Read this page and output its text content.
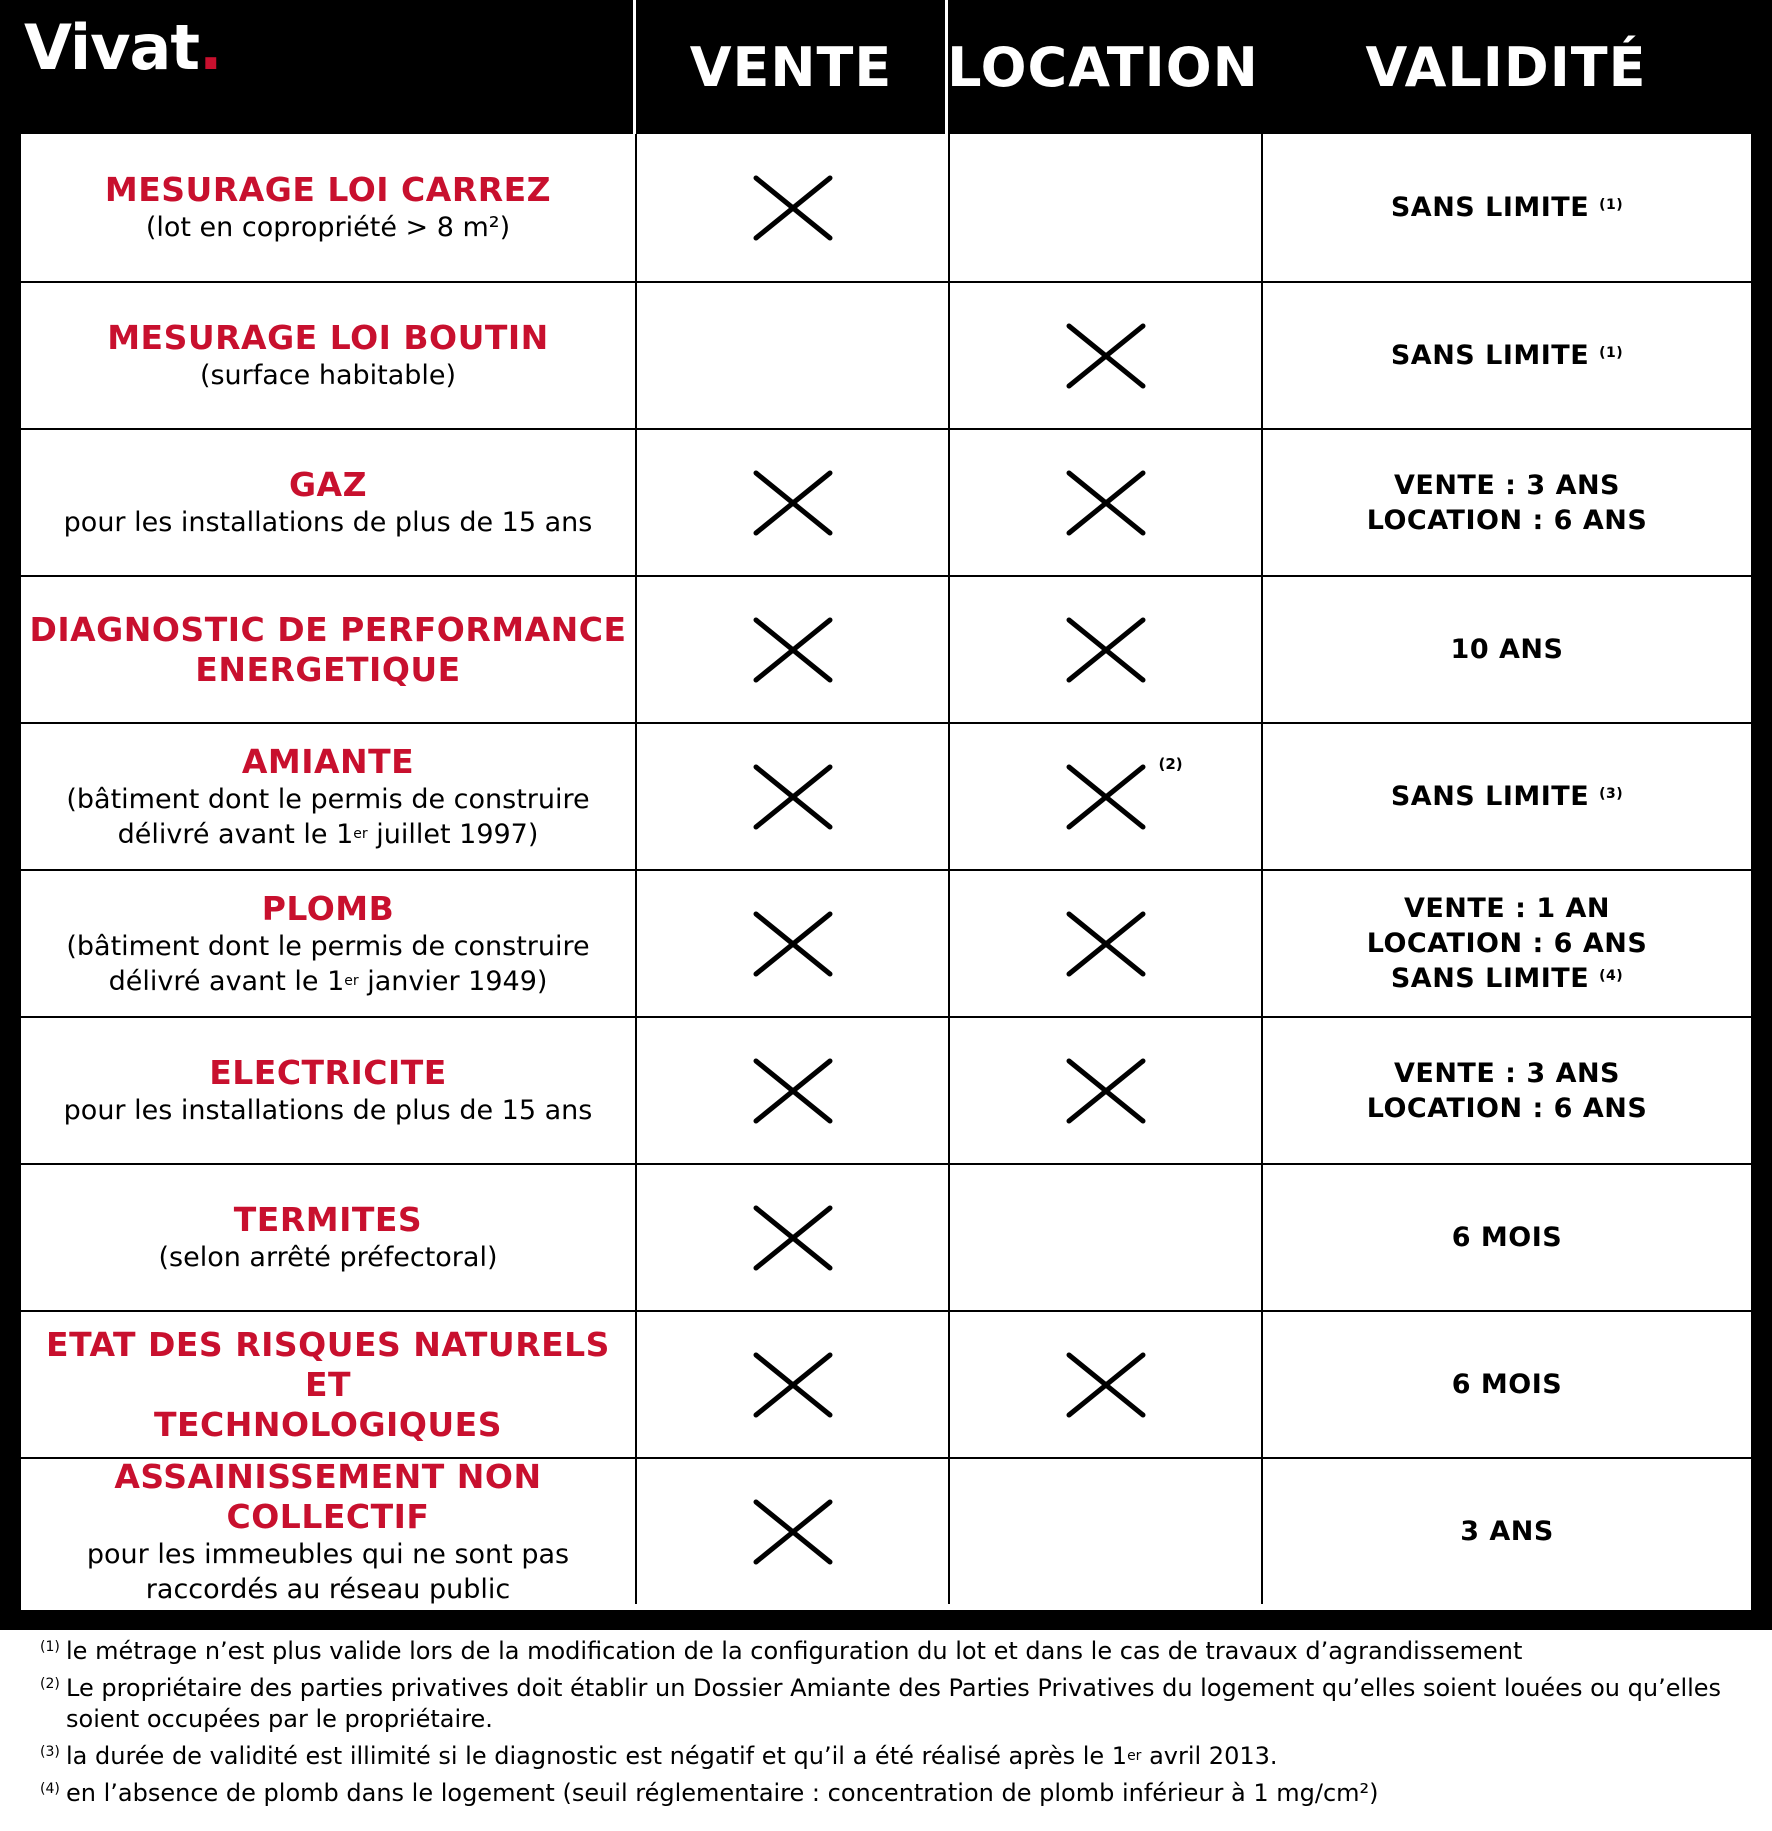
Vivat.	VENTE LOCATION VALIDITÉ
MESURAGE LOI CARREZ
(lot en copropriété > 8 m²)
SANS LIMITE $^{(1)}$
MESURAGE LOI BOUTIN
(surface habitable)
SANS LIMITE $^{(1)}$
GAZ
pour les installations de plus de 15 ans
VENTE : 3 ANS
LOCATION : 6 ANS
DIAGNOSTIC DE PERFORMANCE
ENERGETIQUE	10 ANS
AMIANTE
(bâtiment dont le permis de construire
délivré avant le 1er juillet 1997)
(2)
SANS LIMITE $^{(3)}$
PLOMB
(bâtiment dont le permis de construire
délivré avant le 1er janvier 1949)
VENTE : 1 AN
LOCATION : 6 ANS
SANS LIMITE $^{(4)}$
ELECTRICITE
pour les installations de plus de 15 ans
VENTE : 3 ANS
LOCATION : 6 ANS
TERMITES
(selon arrêté préfectoral)
6 MOIS
ETAT DES RISQUES NATURELS ET
TECHNOLOGIQUES
6 MOIS
ASSAINISSEMENT NON COLLECTIF
pour les immeubles qui ne sont pas
raccordés au réseau public
3 ANS
(1) le métrage n’est plus valide lors de la modification de la configuration du lot et dans le cas de travaux d’agrandissement
(2) Le propriétaire des parties privatives doit établir un Dossier Amiante des Parties Privatives du logement qu’elles soient louées ou qu’elles soient occupées par le propriétaire.
(3) la durée de validité est illimité si le diagnostic est négatif et qu’il a été réalisé après le 1er avril 2013.
(4) en l’absence de plomb dans le logement (seuil réglementaire : concentration de plomb inférieur à 1 mg/cm²)
